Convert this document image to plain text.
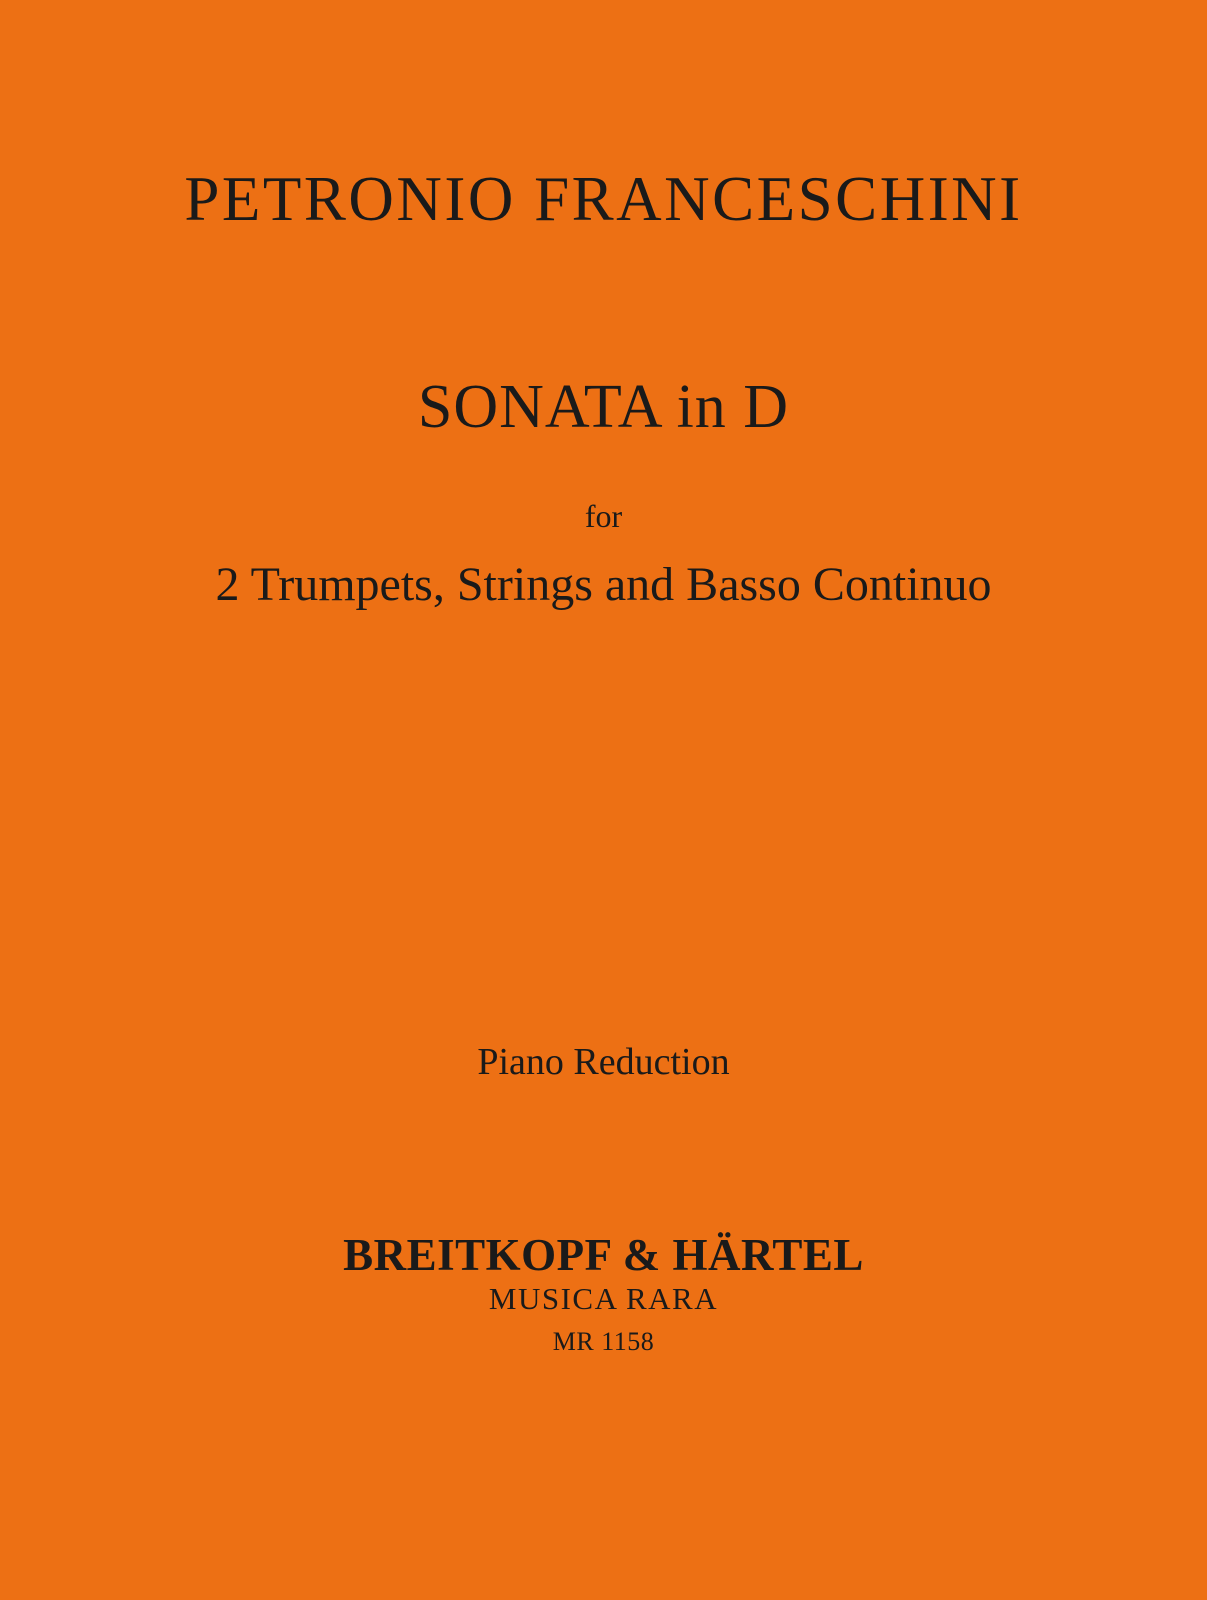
PETRONIO FRANCESCHINI
SONATA in D
for
2 Trumpets, Strings and Basso Continuo
Piano Reduction
BREITKOPF & HÄRTEL
MUSICA RARA
MR 1158
